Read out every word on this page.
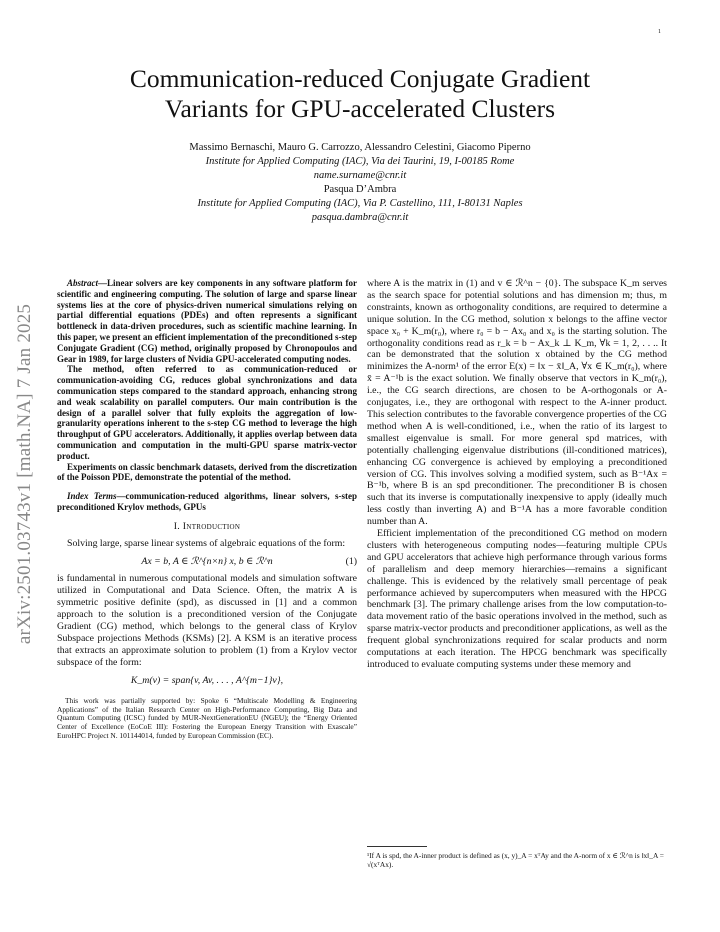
1
arXiv:2501.03743v1 [math.NA] 7 Jan 2025
Communication-reduced Conjugate Gradient
Variants for GPU-accelerated Clusters
Massimo Bernaschi, Mauro G. Carrozzo, Alessandro Celestini, Giacomo Piperno
Institute for Applied Computing (IAC), Via dei Taurini, 19, I-00185 Rome
name.surname@cnr.it
Pasqua D’Ambra
Institute for Applied Computing (IAC), Via P. Castellino, 111, I-80131 Naples
pasqua.dambra@cnr.it

Abstract—Linear solvers are key components in any software platform for scientific and engineering computing. The solution of large and sparse linear systems lies at the core of physics-driven numerical simulations relying on partial differential equations (PDEs) and often represents a significant bottleneck in data-driven procedures, such as scientific machine learning. In this paper, we present an efficient implementation of the preconditioned s-step Conjugate Gradient (CG) method, originally proposed by Chronopoulos and Gear in 1989, for large clusters of Nvidia GPU-accelerated computing nodes.

The method, often referred to as communication-reduced or communication-avoiding CG, reduces global synchronizations and data communication steps compared to the standard approach, enhancing strong and weak scalability on parallel computers. Our main contribution is the design of a parallel solver that fully exploits the aggregation of low-granularity operations inherent to the s-step CG method to leverage the high throughput of GPU accelerators. Additionally, it applies overlap between data communication and computation in the multi-GPU sparse matrix-vector product.

Experiments on classic benchmark datasets, derived from the discretization of the Poisson PDE, demonstrate the potential of the method.

Index Terms—communication-reduced algorithms, linear solvers, s-step preconditioned Krylov methods, GPUs

I. Introduction

Solving large, sparse linear systems of algebraic equations of the form:

Ax = b, A ∈ ℛ^{n×n} x, b ∈ ℛ^n	(1)

is fundamental in numerous computational models and simulation software utilized in Computational and Data Science. Often, the matrix A is symmetric positive definite (spd), as discussed in [1] and a common approach to the solution is a preconditioned version of the Conjugate Gradient (CG) method, which belongs to the general class of Krylov Subspace projections Methods (KSMs) [2]. A KSM is an iterative process that extracts an approximate solution to problem (1) from a Krylov vector subspace of the form:

K_m(v) = span{v, Av, . . . , A^{m−1}v},

This work was partially supported by: Spoke 6 “Multiscale Modelling & Engineering Applications” of the Italian Research Center on High-Performance Computing, Big Data and Quantum Computing (ICSC) funded by MUR-NextGenerationEU (NGEU); the “Energy Oriented Center of Excellence (EoCoE III): Fostering the European Energy Transition with Exascale” EuroHPC Project N. 101144014, funded by European Commission (EC).

where A is the matrix in (1) and v ∈ ℛ^n − {0}. The subspace K_m serves as the search space for potential solutions and has dimension m; thus, m constraints, known as orthogonality conditions, are required to determine a unique solution. In the CG method, solution x belongs to the affine vector space x₀ + K_m(r₀), where r₀ = b − Ax₀ and x₀ is the starting solution. The orthogonality conditions read as r_k = b − Ax_k ⊥ K_m, ∀k = 1, 2, . . .. It can be demonstrated that the solution x obtained by the CG method minimizes the A-norm¹ of the error E(x) = ‖x − x̄‖_A, ∀x ∈ K_m(r₀), where x̄ = A⁻¹b is the exact solution. We finally observe that vectors in K_m(r₀), i.e., the CG search directions, are chosen to be A-orthogonals or A-conjugates, i.e., they are orthogonal with respect to the A-inner product. This selection contributes to the favorable convergence properties of the CG method when A is well-conditioned, i.e., when the ratio of its largest to smallest eigenvalue is small. For more general spd matrices, with potentially challenging eigenvalue distributions (ill-conditioned matrices), enhancing CG convergence is achieved by employing a preconditioned version of CG. This involves solving a modified system, such as B⁻¹Ax = B⁻¹b, where B is an spd preconditioner. The preconditioner B is chosen such that its inverse is computationally inexpensive to apply (ideally much less costly than inverting A) and B⁻¹A has a more favorable condition number than A.

Efficient implementation of the preconditioned CG method on modern clusters with heterogeneous computing nodes—featuring multiple CPUs and GPU accelerators that achieve high performance through various forms of parallelism and deep memory hierarchies—remains a significant challenge. This is evidenced by the relatively small percentage of peak performance achieved by supercomputers when measured with the HPCG benchmark [3]. The primary challenge arises from the low computation-to-data movement ratio of the basic operations involved in the method, such as sparse matrix-vector products and preconditioner applications, as well as the frequent global synchronizations required for scalar products and norm computations at each iteration. The HPCG benchmark was specifically introduced to evaluate computing systems under these memory and

¹If A is spd, the A-inner product is defined as (x, y)_A = xᵀAy and the A-norm of x ∈ ℛ^n is ‖x‖_A = √(xᵀAx).
